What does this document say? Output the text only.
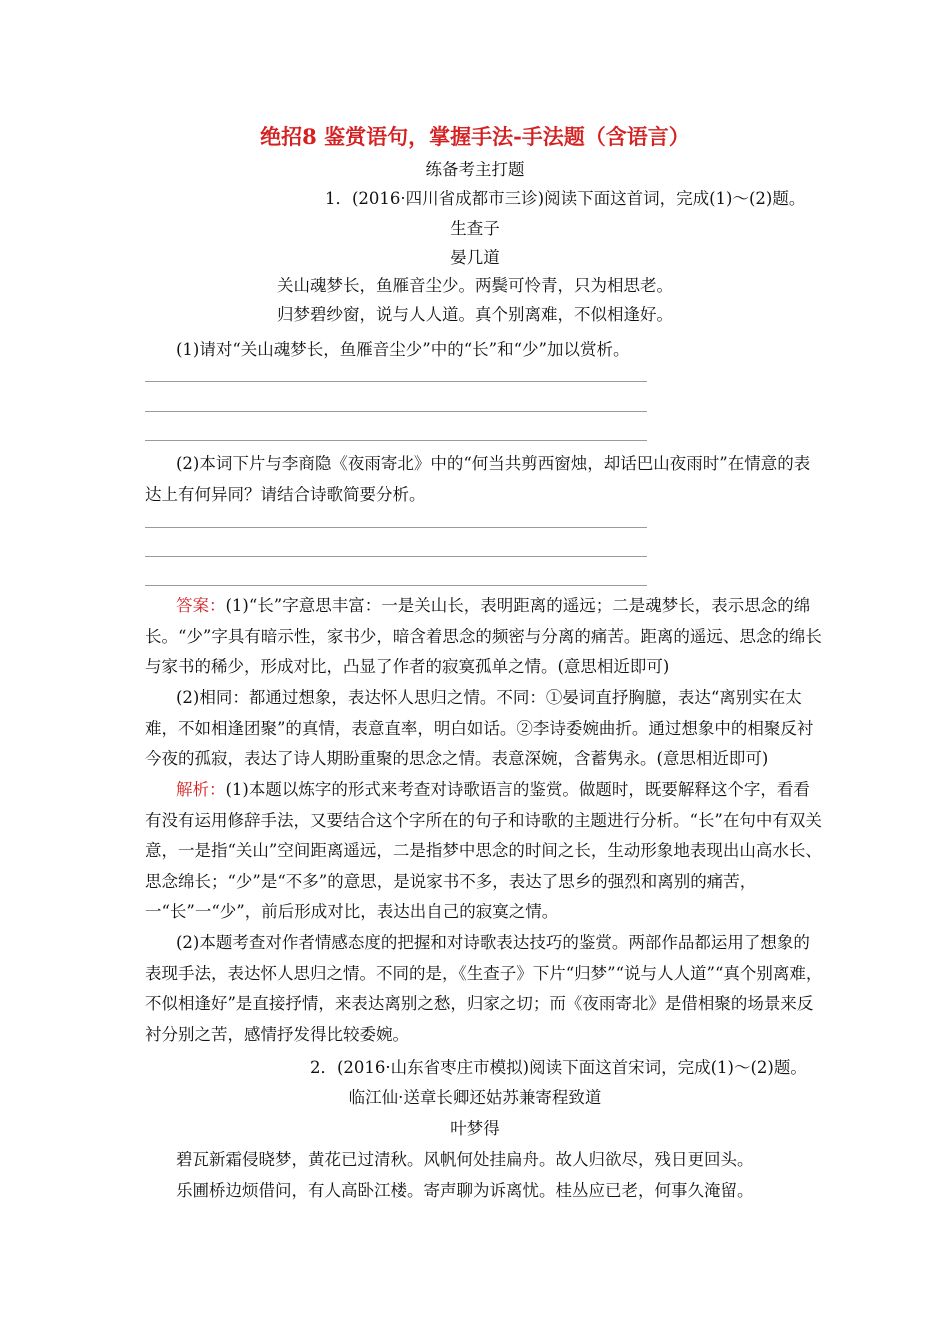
绝招8 鉴赏语句，掌握手法-手法题（含语言）
练备考主打题
1．(2016·四川省成都市三诊)阅读下面这首词，完成(1)～(2)题。
生查子
晏几道
关山魂梦长，鱼雁音尘少。两鬓可怜青，只为相思老。
归梦碧纱窗，说与人人道。真个别离难，不似相逢好。
(1)请对“关山魂梦长，鱼雁音尘少”中的“长”和“少”加以赏析。
(2)本词下片与李商隐《夜雨寄北》中的“何当共剪西窗烛，却话巴山夜雨时”在情意的表达上有何异同？请结合诗歌简要分析。
答案：(1)“长”字意思丰富：一是关山长，表明距离的遥远；二是魂梦长，表示思念的绵长。“少”字具有暗示性，家书少，暗含着思念的频密与分离的痛苦。距离的遥远、思念的绵长与家书的稀少，形成对比，凸显了作者的寂寞孤单之情。(意思相近即可)
(2)相同：都通过想象，表达怀人思归之情。不同：①晏词直抒胸臆，表达“离别实在太难，不如相逢团聚”的真情，表意直率，明白如话。②李诗委婉曲折。通过想象中的相聚反衬今夜的孤寂，表达了诗人期盼重聚的思念之情。表意深婉，含蓄隽永。(意思相近即可)
解析：(1)本题以炼字的形式来考查对诗歌语言的鉴赏。做题时，既要解释这个字，看看有没有运用修辞手法，又要结合这个字所在的句子和诗歌的主题进行分析。“长”在句中有双关意，一是指“关山”空间距离遥远，二是指梦中思念的时间之长，生动形象地表现出山高水长、思念绵长；“少”是“不多”的意思，是说家书不多，表达了思乡的强烈和离别的痛苦，一“长”一“少”，前后形成对比，表达出自己的寂寞之情。
(2)本题考查对作者情感态度的把握和对诗歌表达技巧的鉴赏。两部作品都运用了想象的表现手法，表达怀人思归之情。不同的是，《生查子》下片“归梦”“说与人人道”“真个别离难，不似相逢好”是直接抒情，来表达离别之愁，归家之切；而《夜雨寄北》是借相聚的场景来反衬分别之苦，感情抒发得比较委婉。
2．(2016·山东省枣庄市模拟)阅读下面这首宋词，完成(1)～(2)题。
临江仙·送章长卿还姑苏兼寄程致道
叶梦得
碧瓦新霜侵晓梦，黄花已过清秋。风帆何处挂扁舟。故人归欲尽，残日更回头。
乐圃桥边烦借问，有人高卧江楼。寄声聊为诉离忧。桂丛应已老，何事久淹留。
